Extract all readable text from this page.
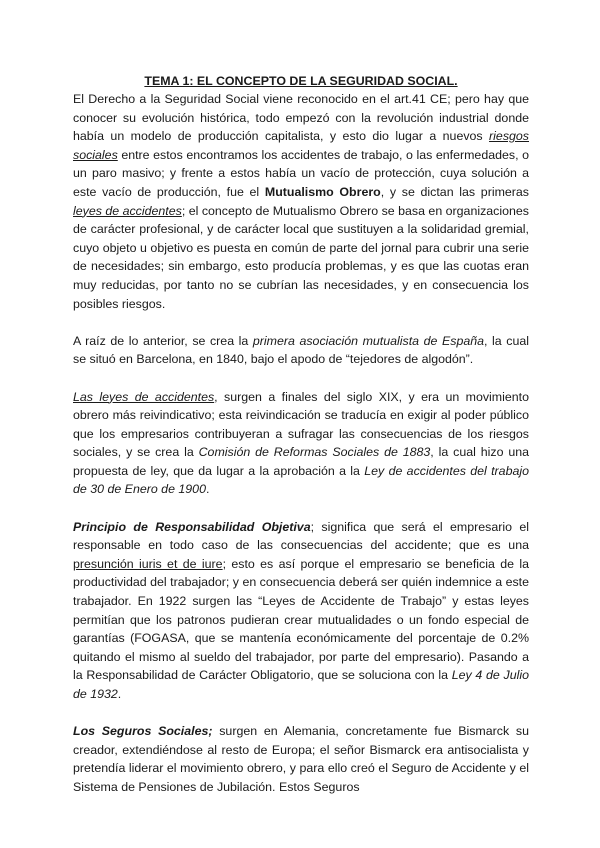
TEMA 1: EL CONCEPTO DE LA SEGURIDAD SOCIAL.

El Derecho a la Seguridad Social viene reconocido en el art.41 CE; pero hay que conocer su evolución histórica, todo empezó con la revolución industrial donde había un modelo de producción capitalista, y esto dio lugar a nuevos riesgos sociales entre estos encontramos los accidentes de trabajo, o las enfermedades, o un paro masivo; y frente a estos había un vacío de protección, cuya solución a este vacío de producción, fue el Mutualismo Obrero, y se dictan las primeras leyes de accidentes; el concepto de Mutualismo Obrero se basa en organizaciones de carácter profesional, y de carácter local que sustituyen a la solidaridad gremial, cuyo objeto u objetivo es puesta en común de parte del jornal para cubrir una serie de necesidades; sin embargo, esto producía problemas, y es que las cuotas eran muy reducidas, por tanto no se cubrían las necesidades, y en consecuencia los posibles riesgos.

A raíz de lo anterior, se crea la primera asociación mutualista de España, la cual se situó en Barcelona, en 1840, bajo el apodo de “tejedores de algodón”.

Las leyes de accidentes, surgen a finales del siglo XIX, y era un movimiento obrero más reivindicativo; esta reivindicación se traducía en exigir al poder público que los empresarios contribuyeran a sufragar las consecuencias de los riesgos sociales, y se crea la Comisión de Reformas Sociales de 1883, la cual hizo una propuesta de ley, que da lugar a la aprobación a la Ley de accidentes del trabajo de 30 de Enero de 1900.

Principio de Responsabilidad Objetiva; significa que será el empresario el responsable en todo caso de las consecuencias del accidente; que es una presunción iuris et de iure; esto es así porque el empresario se beneficia de la productividad del trabajador; y en consecuencia deberá ser quién indemnice a este trabajador. En 1922 surgen las “Leyes de Accidente de Trabajo” y estas leyes permitían que los patronos pudieran crear mutualidades o un fondo especial de garantías (FOGASA, que se mantenía económicamente del porcentaje de 0.2% quitando el mismo al sueldo del trabajador, por parte del empresario). Pasando a la Responsabilidad de Carácter Obligatorio, que se soluciona con la Ley 4 de Julio de 1932.

Los Seguros Sociales; surgen en Alemania, concretamente fue Bismarck su creador, extendiéndose al resto de Europa; el señor Bismarck era antisocialista y pretendía liderar el movimiento obrero, y para ello creó el Seguro de Accidente y el Sistema de Pensiones de Jubilación. Estos Seguros
